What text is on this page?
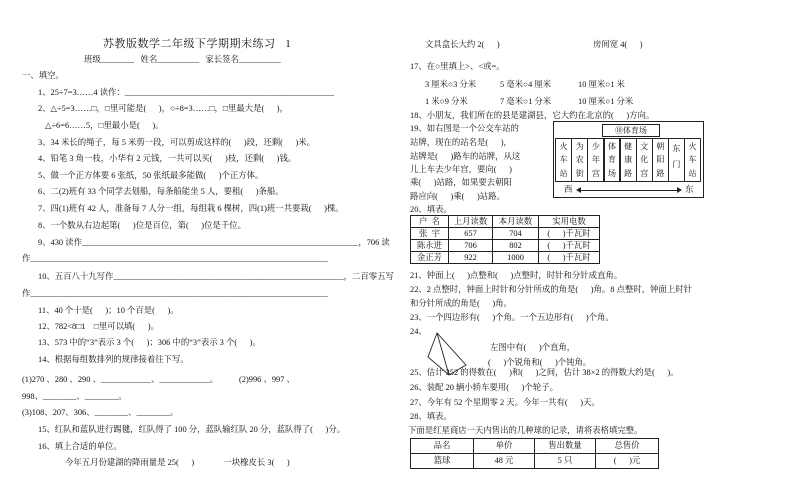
苏教版数学二年级下学期期末练习   1
班级________   姓名__________   家长签名__________
一、填空。
1、25÷7=3……4 读作：__________________________________________________
2、△÷5=3……□，□里可能是(      )，○÷8=3……□，□里最大是(      )，
△÷6=6……5，□里最小是(      )。
3、34 米长的绳子，每 5 米剪一段，可以剪成这样的(      )段，还剩(      )米。
4、铅笔 3 角一枝，小华有 2 元钱，一共可以买(      )枝，还剩(      )钱。
5、做一个正方体要 6 张纸，50 张纸最多能做(      )个正方体。
6、二(2)班有 33 个同学去划船，每条船能坐 5 人，要租(      )条船。
7、四(1)班有 42 人，准备每 7 人分一组，每组栽 6 棵树，四(1)班一共要栽(      )棵。
8、一个数从右边起第(      )位是百位，第(      )位是千位。
9、430 读作__________________________________________________________________，706 读
作_______________________________________________________________________
10、五百八十九写作_______________________________________________________，二百零五写
作_______________________________________________________________________
11、40 个十是(      )；10 个百是(      )。
12、782<8□1    □里可以填(      )。
13、573 中的“3”表示 3 个(      )；306 中的“3”表示 3 个(      )。
14、根据每组数排列的规律接着往下写。
(1)270 、280 、290 、____________、____________。          (2)996 、997 、
998、________、________。
(3)108、207、306、________、________。
15、红队和蓝队进行踢毽，红队得了 100 分，蓝队输红队 20 分，蓝队得了(      )分。
16、填上合适的单位。
今年五月份建湖的降雨量是 25(      )              一块橡皮长 3(      )
文具盒长大约 2(      )	房间宽 4(      )
17、在○里填上>、<或=。
3 厘米○3 分米	5 毫米○4 厘米	10 厘米○1 米
1 米○9 分米	7 毫米○1 分米	10 厘米○1 分米
18、小朋友，我们所在的县是建湖县，它大约在北京的(      )方向。
19、如右图是一个公交车站的
站牌，现在的站名是(      )，
站牌是(      )路车的站牌，从这
儿上车去少年宫，要向(      )
乘(      )站路，如果要去朝阳
路应向(      )乘(      )站路。
⑩体育场
火
车
站
为
农
街
少
年
宫
体
育
场
健
康
路
文
化
宫
朝
阳
路
东
门
火
车
站
西	东
20、填表。
户  名	上月读数	本月读数	实用电数
张  宇	657	704	(      )千瓦时
陈永进	706	802	(      )千瓦时
金正芳	922	1000	(      )千瓦时
21、钟面上(      )点整和(      )点整时，时针和分针成直角。
22、2 点整时，钟面上时针和分针所成的角是(      )角。8 点整时，钟面上时针
和分针所成的角是(      )角。
23、一个四边形有(      )个角。一个五边形有(      )个角。
24、
左图中有(      )个直角，
(      )个锐角和(      )个钝角。
25、估计 352 的得数在(      )和(      )之间，估计 38×2 的得数大约是(      )。
26、装配 20 辆小轿车要用(      )个轮子。
27、今年有 52 个星期零 2 天。今年一共有(      )天。
28、填表。
下面是红星商店一天内售出的几种球的记录，请将表格填完整。
品名	单价	售出数量	总售价
篮球	48 元	5 只	(      )元
